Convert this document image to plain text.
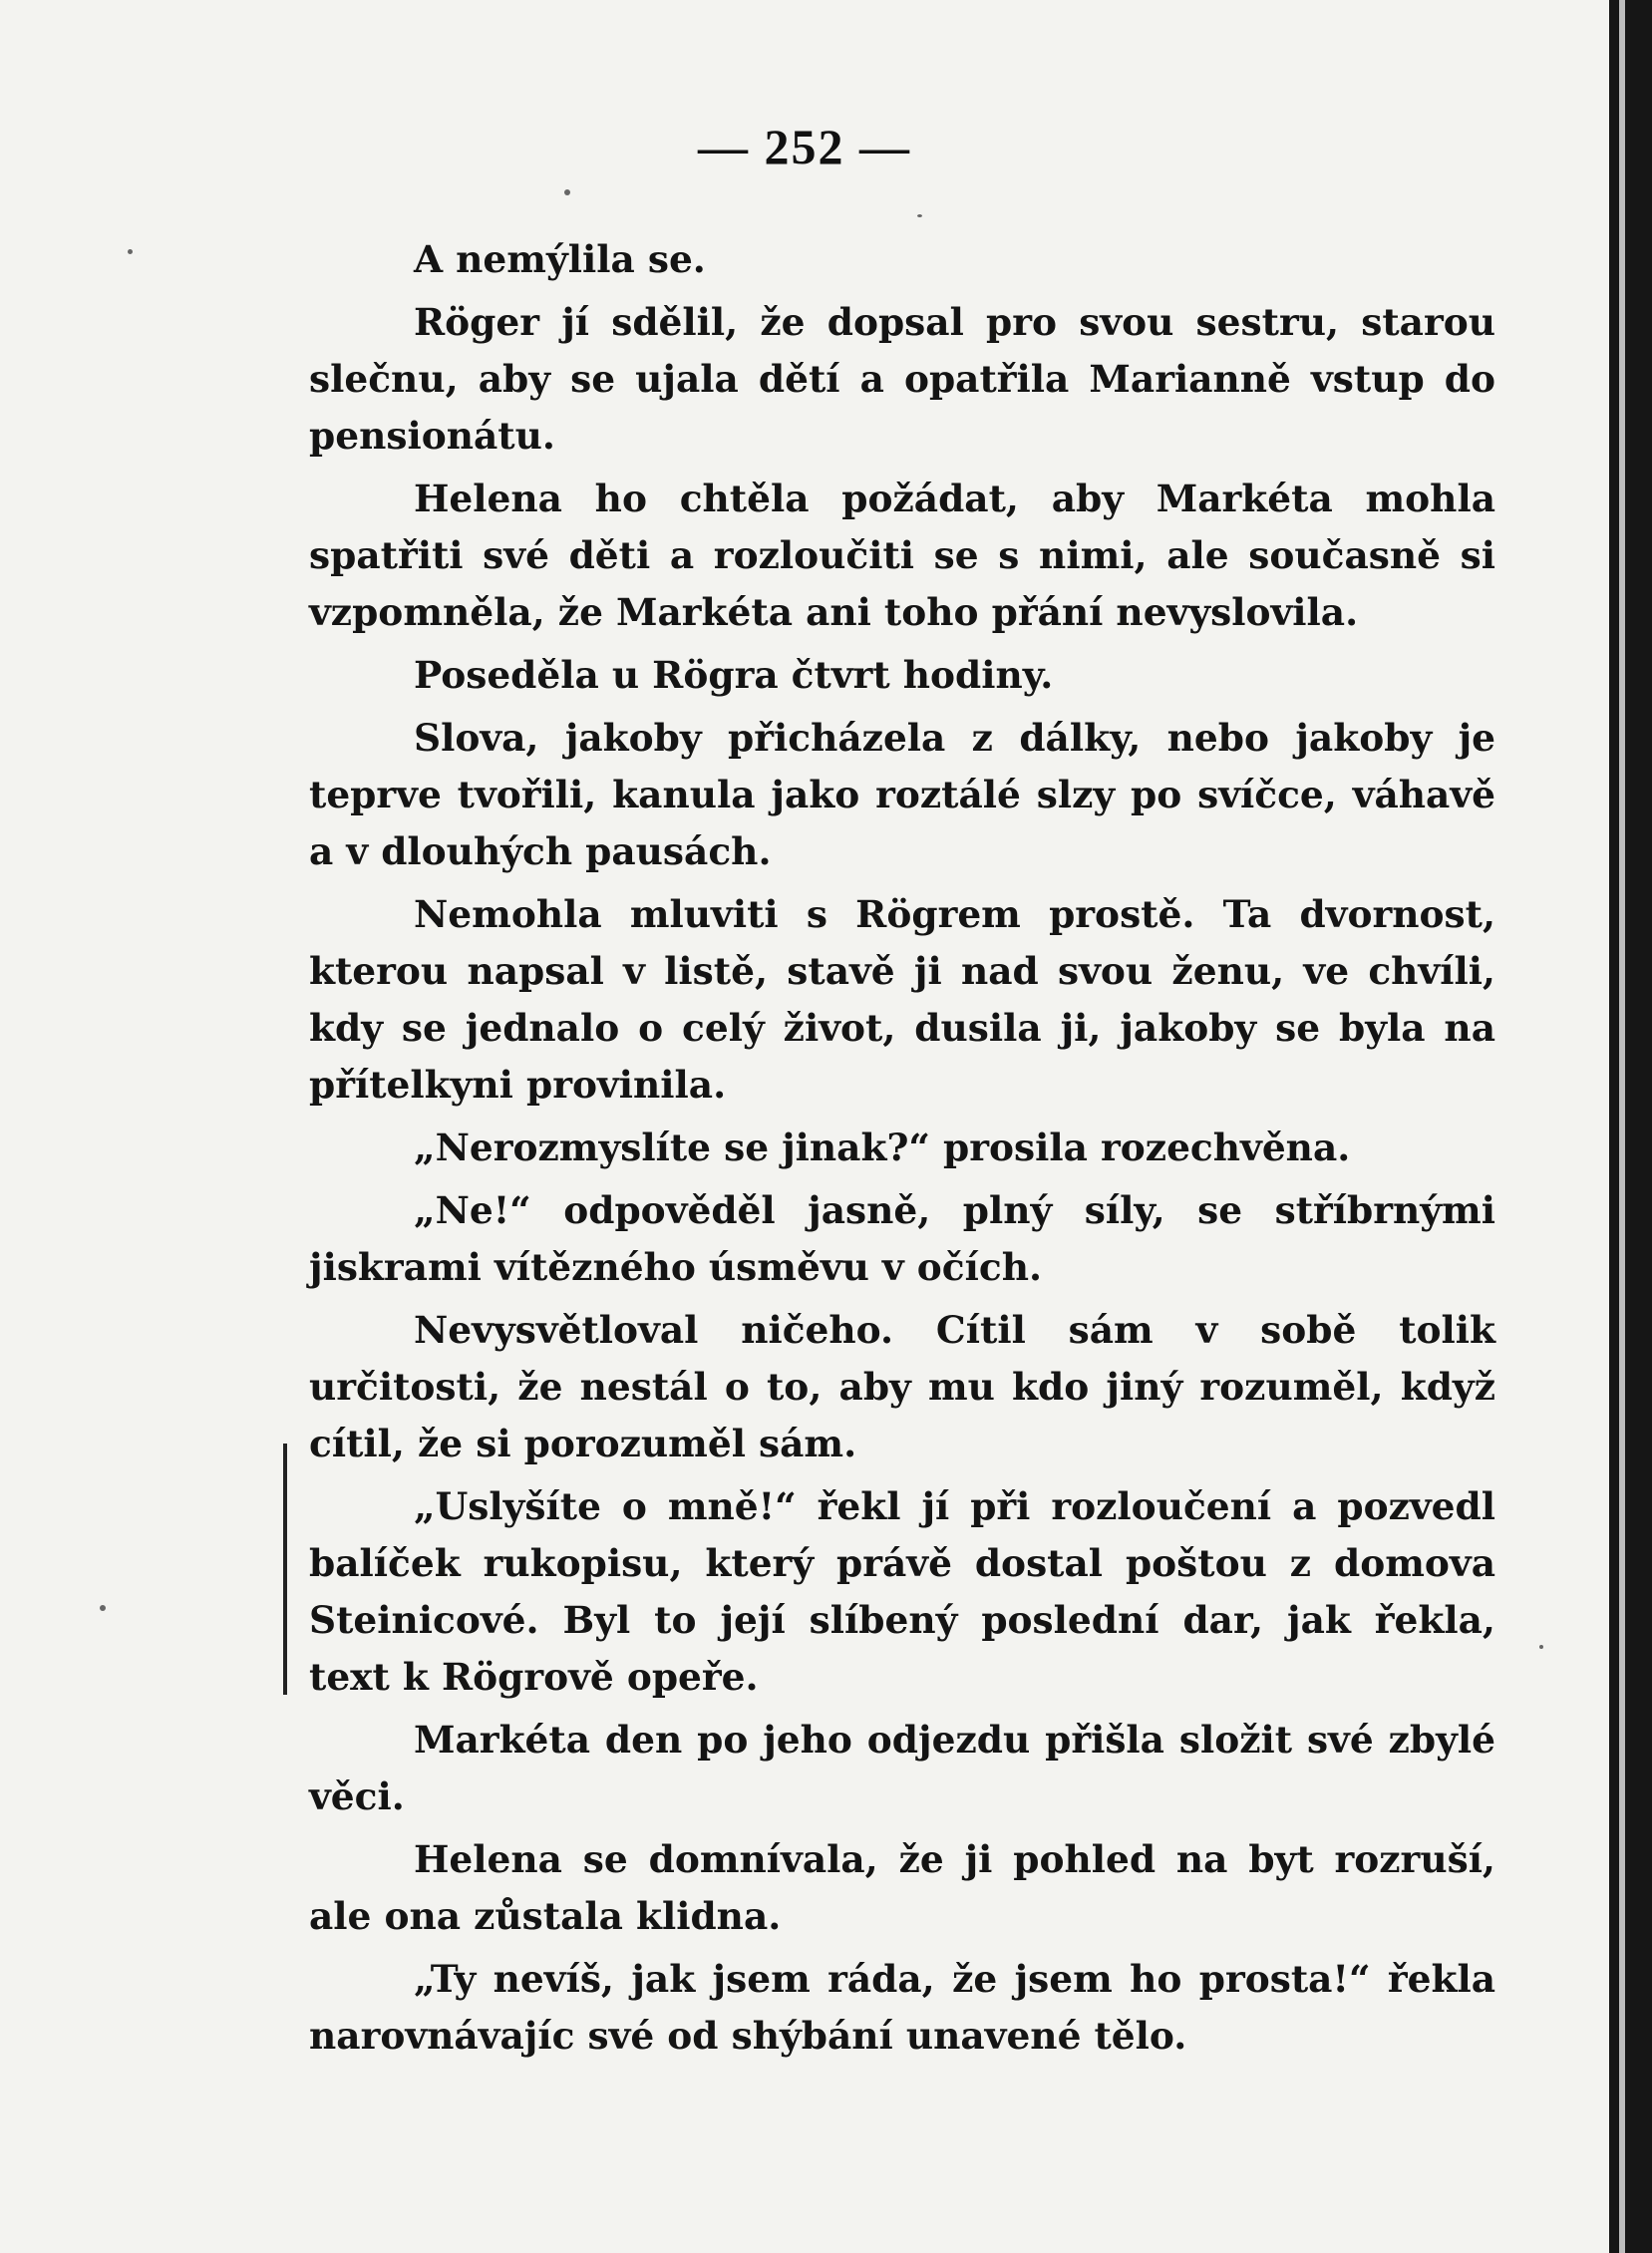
— 252 —

A nemýlila se.

Röger jí sdělil, že dopsal pro svou sestru, starou slečnu, aby se ujala dětí a opatřila Marianně vstup do pensionátu.

Helena ho chtěla požádat, aby Markéta mohla spatřiti své děti a rozloučiti se s nimi, ale současně si vzpomněla, že Markéta ani toho přání nevyslovila.

Poseděla u Rögra čtvrt hodiny.

Slova, jakoby přicházela z dálky, nebo jakoby je teprve tvořili, kanula jako roztálé slzy po svíčce, váhavě a v dlouhých pausách.

Nemohla mluviti s Rögrem prostě. Ta dvornost, kterou napsal v listě, stavě ji nad svou ženu, ve chvíli, kdy se jednalo o celý život, dusila ji, jakoby se byla na přítelkyni provinila.

„Nerozmyslíte se jinak?“ prosila rozechvěna.

„Ne!“ odpověděl jasně, plný síly, se stříbrnými jiskrami vítězného úsměvu v očích.

Nevysvětloval ničeho. Cítil sám v sobě tolik určitosti, že nestál o to, aby mu kdo jiný rozuměl, když cítil, že si porozuměl sám.

„Uslyšíte o mně!“ řekl jí při rozloučení a pozvedl balíček rukopisu, který právě dostal poštou z domova Steinicové. Byl to její slíbený poslední dar, jak řekla, text k Rögrově opeře.

Markéta den po jeho odjezdu přišla složit své zbylé věci.

Helena se domnívala, že ji pohled na byt rozruší, ale ona zůstala klidna.

„Ty nevíš, jak jsem ráda, že jsem ho prosta!“ řekla narovnávajíc své od shýbání unavené tělo.
